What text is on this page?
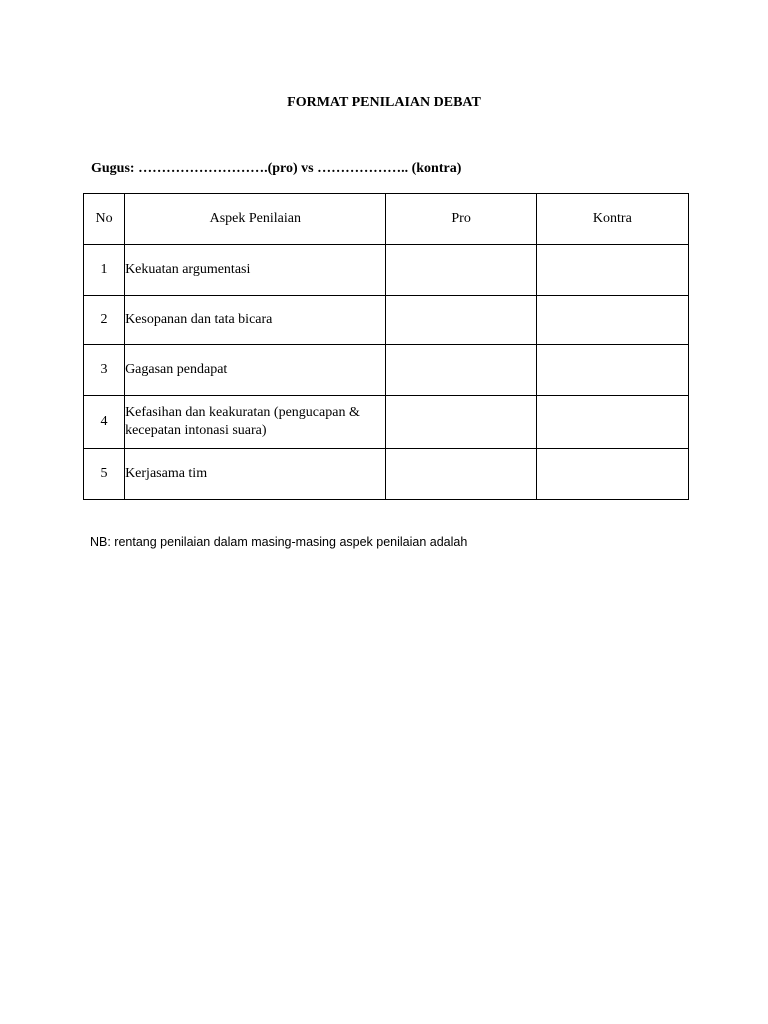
FORMAT PENILAIAN DEBAT
Gugus: ……………………….(pro) vs ……………….. (kontra)
No	Aspek Penilaian	Pro	Kontra
1	Kekuatan argumentasi		
2	Kesopanan dan tata bicara		
3	Gagasan pendapat		
4	Kefasihan dan keakuratan (pengucapan & kecepatan intonasi suara)		
5	Kerjasama tim		
NB: rentang penilaian dalam masing-masing aspek penilaian adalah
